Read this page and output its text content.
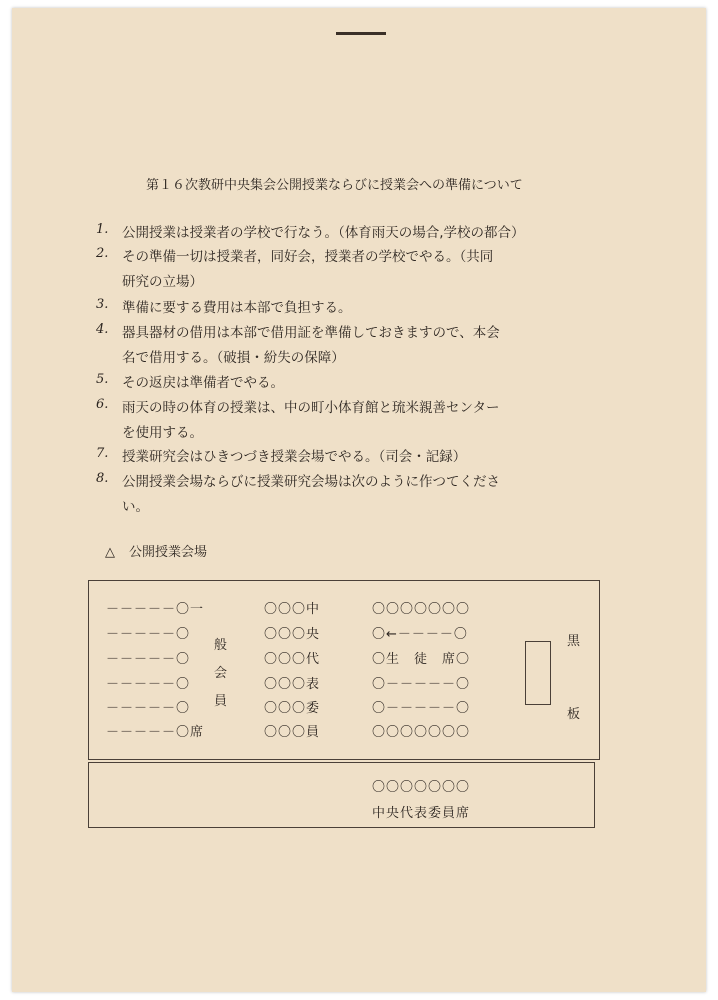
第１６次教研中央集会公開授業ならびに授業会への準備について
1. 公開授業は授業者の学校で行なう。（体育雨天の場合,学校の都合）
2. その準備一切は授業者，同好会，授業者の学校でやる。（共同
研究の立場）
3. 準備に要する費用は本部で負担する。
4. 器具器材の借用は本部で借用証を準備しておきますので、本会
名で借用する。（破損・紛失の保障）
5. その返戻は準備者でやる。
6. 雨天の時の体育の授業は、中の町小体育館と琉米親善センター
を使用する。
7. 授業研究会はひきつづき授業会場でやる。（司会・記録）
8. 公開授業会場ならびに授業研究会場は次のように作つてくださ
い。
△ 公開授業会場
－－－－－〇一
－－－－－〇
－－－－－〇
－－－－－〇
－－－－－〇
－－－－－〇席
般
会
員
〇〇〇中
〇〇〇央
〇〇〇代
〇〇〇表
〇〇〇委
〇〇〇員
〇〇〇〇〇〇〇
〇←－－－－〇
〇生　徒　席〇
〇－－－－－〇
〇－－－－－〇
〇〇〇〇〇〇〇
黒
板
〇〇〇〇〇〇〇
中央代表委員席
